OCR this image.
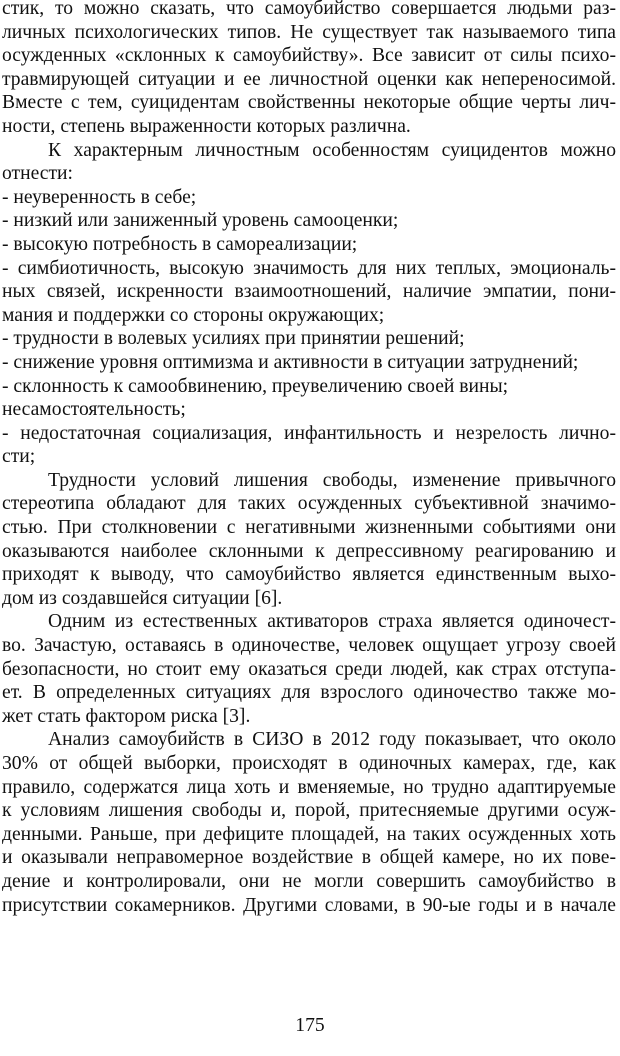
стик, то можно сказать, что самоубийство совершается людьми раз-
личных психологических типов. Не существует так называемого типа
осужденных «склонных к самоубийству». Все зависит от силы психо-
травмирующей ситуации и ее личностной оценки как непереносимой.
Вместе с тем, суицидентам свойственны некоторые общие черты лич-
ности, степень выраженности которых различна.
К характерным личностным особенностям суицидентов можно
отнести:
- неуверенность в себе;
- низкий или заниженный уровень самооценки;
- высокую потребность в самореализации;
- симбиотичность, высокую значимость для них теплых, эмоциональ-
ных связей, искренности взаимоотношений, наличие эмпатии, пони-
мания и поддержки со стороны окружающих;
- трудности в волевых усилиях при принятии решений;
- снижение уровня оптимизма и активности в ситуации затруднений;
- склонность к самообвинению, преувеличению своей вины;
несамостоятельность;
- недостаточная социализация, инфантильность и незрелость лично-
сти;
Трудности условий лишения свободы, изменение привычного
стереотипа обладают для таких осужденных субъективной значимо-
стью. При столкновении с негативными жизненными событиями они
оказываются наиболее склонными к депрессивному реагированию и
приходят к выводу, что самоубийство является единственным выхо-
дом из создавшейся ситуации [6].
Одним из естественных активаторов страха является одиночест-
во. Зачастую, оставаясь в одиночестве, человек ощущает угрозу своей
безопасности, но стоит ему оказаться среди людей, как страх отступа-
ет. В определенных ситуациях для взрослого одиночество также мо-
жет стать фактором риска [3].
Анализ самоубийств в СИЗО в 2012 году показывает, что около
30% от общей выборки, происходят в одиночных камерах, где, как
правило, содержатся лица хоть и вменяемые, но трудно адаптируемые
к условиям лишения свободы и, порой, притесняемые другими осуж-
денными. Раньше, при дефиците площадей, на таких осужденных хоть
и оказывали неправомерное воздействие в общей камере, но их пове-
дение и контролировали, они не могли совершить самоубийство в
присутствии сокамерников. Другими словами, в 90-ые годы и в начале
175
